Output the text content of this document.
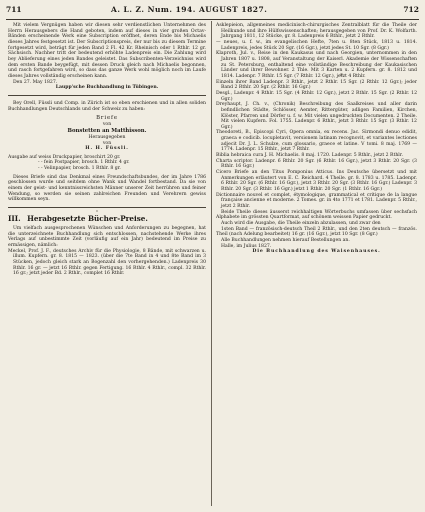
711	A. L. Z. Num. 194. AUGUST 1827.	712

Mit vielem Vergnügen haben wir diesen sehr verdienstlichen Unternehmen des Herrn Herausgebers die Hand geboten, indem auf dieses in vier großen Octav-Bänden erscheinende Werk eine Subscription eröffnet, deren Ende bis Michaelis dieses Jahres festgesetzt ist. Der Subscriptionspreis, der nur bis zu diesem Termine fortgesetzt wird, beträgt für jeden Band 2 Fl. 42 Kr. Rheinisch oder 1 Rthlr. 12 gr. Sächsisch. Nachher tritt der bedeutend erhöhte Ladenpreis ein. Die Zahlung wird bey Ablieferung eines jeden Bandes geleistet. Das Subscribenten-Verzeichniss wird dem ersten Bande beygefügt, mit dessen Druck gleich nach Michaelis begonnen, und rasch fortgefahren wird, so dass das ganze Werk wohl möglich noch im Laufe dieses Jahres vollständig erscheinen kann.

Den 27. May 1827.

Laupp'sche Buchhandlung in Tübingen.

Bey Orell, Füssli und Comp. in Zürich ist so eben erschienen und in allen soliden Buchhandlungen Deutschlands und der Schweiz zu haben:

Briefe

von

Bonstetten an Matthisson.

Herausgegeben

von

H. H. Füssli.

Ausgabe auf weiss Druckpapier, broschirt 20 gr.

- - fein Postpapier, brosch. 1 Rthlr. 4 gr.

- - Velinpapier, brosch. 1 Rthlr. 8 gr.

Dieses Briefe sind das Denkmal eines Freundschaftsbundes, der im Jahre 1786 geschlossen wurde und seitdem ohne Wank und Wandel fortbestand. Da sie von einem der geist- und kenntnissreichsten Männer unserer Zeit herrühren und feiner Wendung, so werden sie seinen zahlreichen Freunden und Verehrern gewiss willkommen seyn.

III. Herabgesetzte Bücher-Preise.

Um vielfach ausgesprochenen Wünschen und Anforderungen zu begegnen, hat die unterzeichnete Buchhandlung sich entschlossen, nachstehende Werke ihres Verlags auf unbestimmte Zeit (vorläufig auf ein Jahr) bedeutend im Preise zu ermässigen, nämlich:

Meckel, Prof. J. F., deutsches Archiv für die Physiologie, 8 Bände, mit schwarzen u. illum. Kupfern. gr. 8. 1815 — 1823. (über die 7te Band in 4 und 8te Band im 3 Stücken, jedoch gleich stark an Bogenzahl den vorhergehenden.) Ladenpreis 30 Rthlr. 16 gr. — jetzt 16 Rthlr. gegen Fertigung. 16 Rthlr. 4 Rthlr., compl. 32 Rthlr. 16 gr.; jetzt jeder Bd. 2 Rthlr., complet 16 Rthlr.

Asklepieion, allgemeines medicinisch-chirurgisches Zentralblatt für die Theile der Heilkunde und ihre Hülfswissenschaften; herausgegeben von Prof. Dr. K. Wolfarth. Jahrgang 1811, 12 Stücke, gr. 8. Ladenpreis 6 Rthlr., jetzt 2 Rthlr.

— neues, u. f. w., im evangelischen Hefte, 7ten u. 8ten Stück, 1813 u. 1814. Ladenpreis, jedes Stück 20 Sgr. (16 Ggr.), jetzt jedes St. 10 Sgr. (8 Ggr.)

Klaproth, Jul. v., Reise in den Kaukasus und nach Georgien, unternommen in den Jahren 1807 u. 1808, auf Veranstaltung der Kaiserl. Akademie der Wissenschaften zu St. Petersburg, enthaltend eine vollständige Beschreibung der Kaukasischen Länder und ihrer Bewohner. 2 Thle. Mit 3 Karten u. 2 Kupfern. gr. 8. 1812 und 1814. Ladenpr. 7 Rthlr. 15 Sgr. (7 Rthlr. 12 Ggr.), jetzt 4 Rthlr.

Einzeln ihrer Band Ladenpr. 3 Rthlr., jetzt 2 Rthlr. 15 Sgr. (2 Rthlr. 12 Ggr.); jeder Band 2 Rthlr. 20 Sgr. (2 Rthlr. 16 Ggr.)

Desgl., Ladenpr. 4 Rthlr. 15 Sgr. (4 Rthlr. 12 Ggr.), jetzt 2 Rthlr. 15 Sgr. (2 Rthlr. 12 Ggr.)

Dreyhaupt, J. Ch. v., (Chronik) Beschreibung des Saalkreises und aller darin befindlichen Städte, Schlösser, Aemter, Rittergüter, adligen Familien, Kirchen, Klöster, Pfarren und Dörfer u. f. w. Mit vielen ungedruckten Documenten. 2 Theile. Mit vielen Kupfern. Fol. 1755. Ladenpr. 6 Rthlr., jetzt 3 Rthlr. 15 Sgr. (3 Rthlr. 12 Ggr.)

Theodoreti, B., Episcopi Cyri, Opera omnia, ex recens. Jac. Sirmondi denuo edidit, graeca e codicib. locupletavit, versionem latinam recognovit, et variantes lectiones adjecit Dr. J. L. Schulze, cum glossario, graece et latine. V tomi. 8 maj. 1769 — 1774. Ladenpr. 15 Rthlr., jetzt 7 Rthlr.

Biblia hebraica cura J. H. Michaelis. 8 maj. 1720. Ladenpr. 5 Rthlr., jetzt 2 Rthlr.

Charta scriptor. Ladenpr. 6 Rthlr. 20 Sgr. (6 Rthlr. 16 Ggr.), jetzt 3 Rthlr. 20 Sgr. (3 Rthlr. 16 Ggr.)

Cicero Briefe an den Titus Pomponius Atticus. Ins Deutsche übersetzt und mit Anmerkungen erläutert von E. C. Reichard. 4 Theile. gr. 8. 1783 u. 1785. Ladenpr. 6 Rthlr. 20 Sgr. (6 Rthlr. 16 Ggr.), jetzt 3 Rthlr. 20 Sgr. (3 Rthlr. 16 Ggr.) Ladenpr. 3 Rthlr. 20 Sgr. (3 Rthlr. 16 Ggr.) jetzt 1 Rthlr. 20 Sgr. (1 Rthlr. 16 Ggr.)

Dictionnaire nouvel et complet, étymologique, grammatical et critique de la langue française ancienne et moderne. 2 Tomes. gr. in 4to 1771 et 1781. Ladenpr. 5 Rthlr., jetzt 2 Rthlr.

Beide Theile dieses äusserst reichhaltigen Wörterbuchs umfassen über sechsfach Alphabete im grössten Quartformat, auf schönem weissen Papier gedruckt.

Auch wird die Ausgabe, die Theile einzeln abzulassen, und zwar den

1sten Band — französisch-deutsch Theil 2 Rthlr., und den 2ten deutsch — französ. Theil (nach Adelung bearbeitet) 16 gr. (16 Ggr.), jetzt 10 Sgr. (8 Ggr.)

Alle Buchhandlungen nehmen hierauf Bestellungen an.

Halle, im Julius 1827.

Die Buchhandlung des Waisenhauses.
